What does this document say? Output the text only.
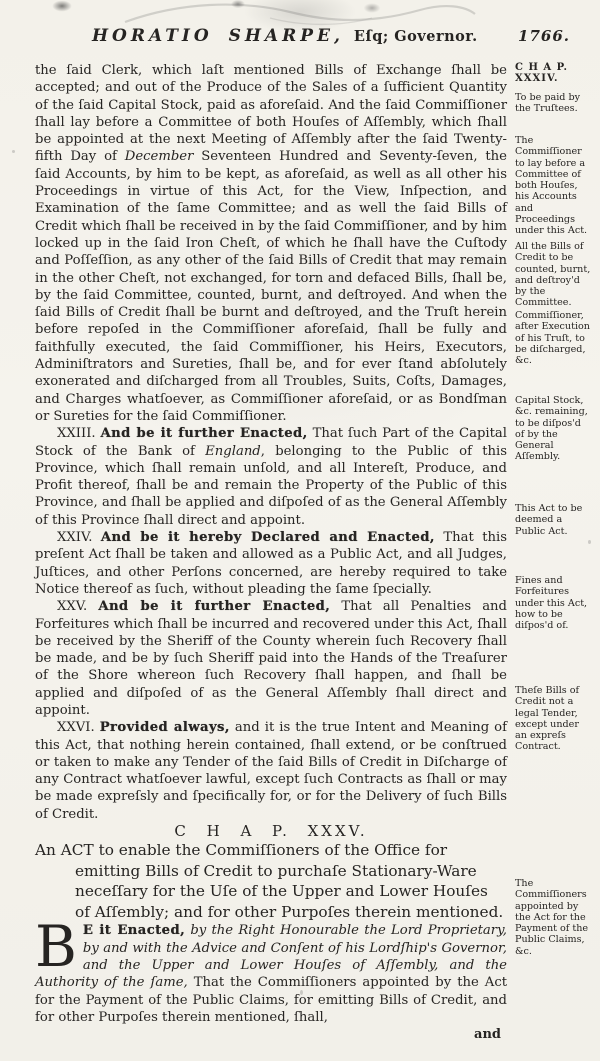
HORATIO SHARPE, Eſq; Governor.	1766.

the ſaid Clerk, which laſt mentioned Bills of Exchange ſhall be accepted; and out of the Produce of the Sales of a ſufficient Quantity of the ſaid Capital Stock, paid as aforeſaid. And the ſaid Commiſſioner ſhall lay before a Committee of both Houſes of Aſſembly, which ſhall be appointed at the next Meeting of Aſſembly after the ſaid Twenty-fifth Day of December Seventeen Hundred and Seventy-ſeven, the ſaid Accounts, by him to be kept, as aforeſaid, as well as all other his Proceedings in virtue of this Act, for the View, Inſpection, and Examination of the ſame Committee; and as well the ſaid Bills of Credit which ſhall be received in by the ſaid Commiſſioner, and by him locked up in the ſaid Iron Cheſt, of which he ſhall have the Cuſtody and Poſſeſſion, as any other of the ſaid Bills of Credit that may remain in the other Cheſt, not exchanged, for torn and defaced Bills, ſhall be, by the ſaid Committee, counted, burnt, and deſtroyed. And when the ſaid Bills of Credit ſhall be burnt and deſtroyed, and the Truſt herein before repoſed in the Commiſſioner aforeſaid, ſhall be fully and faithfully executed, the ſaid Commiſſioner, his Heirs, Executors, Adminiſtrators and Sureties, ſhall be, and for ever ſtand abſolutely exonerated and diſcharged from all Troubles, Suits, Coſts, Damages, and Charges whatſoever, as Commiſſioner aforeſaid, or as Bondſman or Sureties for the ſaid Commiſſioner.

XXIII. And be it further Enacted, That ſuch Part of the Capital Stock of the Bank of England, belonging to the Public of this Province, which ſhall remain unſold, and all Intereſt, Produce, and Profit thereof, ſhall be and remain the Property of the Public of this Province, and ſhall be applied and diſpoſed of as the General Aſſembly of this Province ſhall direct and appoint.

XXIV. And be it hereby Declared and Enacted, That this preſent Act ſhall be taken and allowed as a Public Act, and all Judges, Juſtices, and other Perſons concerned, are hereby required to take Notice thereof as ſuch, without pleading the ſame ſpecially.

XXV. And be it further Enacted, That all Penalties and Forfeitures which ſhall be incurred and recovered under this Act, ſhall be received by the Sheriff of the County wherein ſuch Recovery ſhall be made, and be by ſuch Sheriff paid into the Hands of the Treaſurer of the Shore whereon ſuch Recovery ſhall happen, and ſhall be applied and diſpoſed of as the General Aſſembly ſhall direct and appoint.

XXVI. Provided always, and it is the true Intent and Meaning of this Act, that nothing herein contained, ſhall extend, or be conſtrued or taken to make any Tender of the ſaid Bills of Credit in Diſcharge of any Contract whatſoever lawful, except ſuch Contracts as ſhall or may be made expreſsly and ſpecifically for, or for the Delivery of ſuch Bills of Credit.

C H A P. XXXV.

An ACT to enable the Commiſſioners of the Office for emitting Bills of Credit to purchaſe Stationary-Ware neceſſary for the Uſe of the Upper and Lower Houſes of Aſſembly; and for other Purpoſes therein mentioned.

B E it Enacted, by the Right Honourable the Lord Proprietary, by and with the Advice and Conſent of his Lordſhip's Governor, and the Upper and Lower Houſes of Aſſembly, and the Authority of the ſame, That the Commiſſioners appointed by the Act for the Payment of the Public Claims, for emitting Bills of Credit, and for other Purpoſes therein mentioned, ſhall,

and

C H A P. XXXIV.
To be paid by the Truſtees.
The Commiſſioner to lay before a Committee of both Houſes, his Accounts and Proceedings under this Act.
All the Bills of Credit to be counted, burnt, and deſtroy'd by the Committee.
Commiſſioner, after Execution of his Truſt, to be diſcharged, &c.
Capital Stock, &c. remaining, to be diſpos'd of by the General Aſſembly.
This Act to be deemed a Public Act.
Fines and Forfeitures under this Act, how to be diſpos'd of.
Theſe Bills of Credit not a legal Tender, except under an expreſs Contract.
The Commiſſioners appointed by the Act for the Payment of the Public Claims, &c.
